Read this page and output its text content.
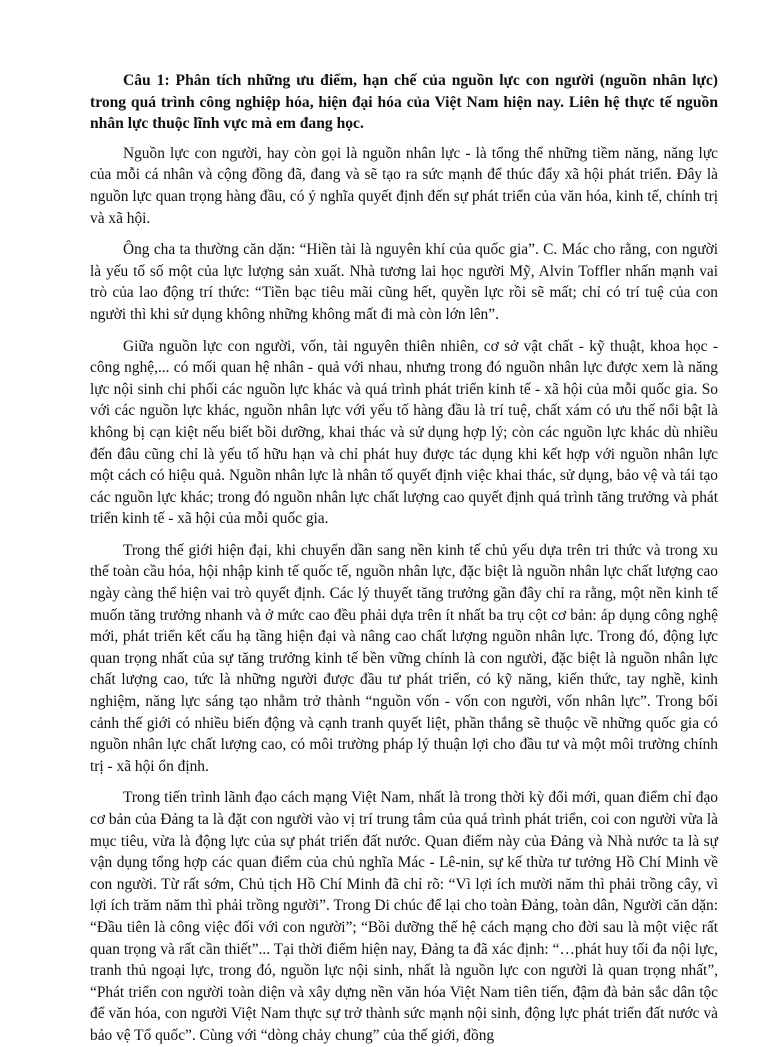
Câu 1: Phân tích những ưu điểm, hạn chế của nguồn lực con người (nguồn nhân lực) trong quá trình công nghiệp hóa, hiện đại hóa của Việt Nam hiện nay. Liên hệ thực tế nguồn nhân lực thuộc lĩnh vực mà em đang học.

Nguồn lực con người, hay còn gọi là nguồn nhân lực - là tổng thể những tiềm năng, năng lực của mỗi cá nhân và cộng đồng đã, đang và sẽ tạo ra sức mạnh để thúc đẩy xã hội phát triển. Đây là nguồn lực quan trọng hàng đầu, có ý nghĩa quyết định đến sự phát triển của văn hóa, kinh tế, chính trị và xã hội.

Ông cha ta thường căn dặn: “Hiền tài là nguyên khí của quốc gia”. C. Mác cho rằng, con người là yếu tố số một của lực lượng sản xuất. Nhà tương lai học người Mỹ, Alvin Toffler nhấn mạnh vai trò của lao động trí thức: “Tiền bạc tiêu mãi cũng hết, quyền lực rồi sẽ mất; chỉ có trí tuệ của con người thì khi sử dụng không những không mất đi mà còn lớn lên”.

Giữa nguồn lực con người, vốn, tài nguyên thiên nhiên, cơ sở vật chất - kỹ thuật, khoa học - công nghệ,... có mối quan hệ nhân - quả với nhau, nhưng trong đó nguồn nhân lực được xem là năng lực nội sinh chi phối các nguồn lực khác và quá trình phát triển kinh tế - xã hội của mỗi quốc gia. So với các nguồn lực khác, nguồn nhân lực với yếu tố hàng đầu là trí tuệ, chất xám có ưu thế nổi bật là không bị cạn kiệt nếu biết bồi dưỡng, khai thác và sử dụng hợp lý; còn các nguồn lực khác dù nhiều đến đâu cũng chỉ là yếu tố hữu hạn và chỉ phát huy được tác dụng khi kết hợp với nguồn nhân lực một cách có hiệu quả. Nguồn nhân lực là nhân tố quyết định việc khai thác, sử dụng, bảo vệ và tái tạo các nguồn lực khác; trong đó nguồn nhân lực chất lượng cao quyết định quá trình tăng trưởng và phát triển kinh tế - xã hội của mỗi quốc gia.

Trong thế giới hiện đại, khi chuyển dần sang nền kinh tế chủ yếu dựa trên tri thức và trong xu thế toàn cầu hóa, hội nhập kinh tế quốc tế, nguồn nhân lực, đặc biệt là nguồn nhân lực chất lượng cao ngày càng thể hiện vai trò quyết định. Các lý thuyết tăng trưởng gần đây chỉ ra rằng, một nền kinh tế muốn tăng trưởng nhanh và ở mức cao đều phải dựa trên ít nhất ba trụ cột cơ bản: áp dụng công nghệ mới, phát triển kết cấu hạ tầng hiện đại và nâng cao chất lượng nguồn nhân lực. Trong đó, động lực quan trọng nhất của sự tăng trưởng kinh tế bền vững chính là con người, đặc biệt là nguồn nhân lực chất lượng cao, tức là những người được đầu tư phát triển, có kỹ năng, kiến thức, tay nghề, kinh nghiệm, năng lực sáng tạo nhằm trở thành “nguồn vốn - vốn con người, vốn nhân lực”. Trong bối cảnh thế giới có nhiều biến động và cạnh tranh quyết liệt, phần thắng sẽ thuộc về những quốc gia có nguồn nhân lực chất lượng cao, có môi trường pháp lý thuận lợi cho đầu tư và một môi trường chính trị - xã hội ổn định.

Trong tiến trình lãnh đạo cách mạng Việt Nam, nhất là trong thời kỳ đổi mới, quan điểm chỉ đạo cơ bản của Đảng ta là đặt con người vào vị trí trung tâm của quá trình phát triển, coi con người vừa là mục tiêu, vừa là động lực của sự phát triển đất nước. Quan điểm này của Đảng và Nhà nước ta là sự vận dụng tổng hợp các quan điểm của chủ nghĩa Mác - Lê-nin, sự kế thừa tư tưởng Hồ Chí Minh về con người. Từ rất sớm, Chủ tịch Hồ Chí Minh đã chỉ rõ: “Vì lợi ích mười năm thì phải trồng cây, vì lợi ích trăm năm thì phải trồng người”. Trong Di chúc để lại cho toàn Đảng, toàn dân, Người căn dặn: “Đầu tiên là công việc đối với con người”; “Bồi dưỡng thế hệ cách mạng cho đời sau là một việc rất quan trọng và rất cần thiết”... Tại thời điểm hiện nay, Đảng ta đã xác định: “…phát huy tối đa nội lực, tranh thủ ngoại lực, trong đó, nguồn lực nội sinh, nhất là nguồn lực con người là quan trọng nhất”, “Phát triển con người toàn diện và xây dựng nền văn hóa Việt Nam tiên tiến, đậm đà bản sắc dân tộc để văn hóa, con người Việt Nam thực sự trở thành sức mạnh nội sinh, động lực phát triển đất nước và bảo vệ Tổ quốc”. Cùng với “dòng chảy chung” của thế giới, đồng
